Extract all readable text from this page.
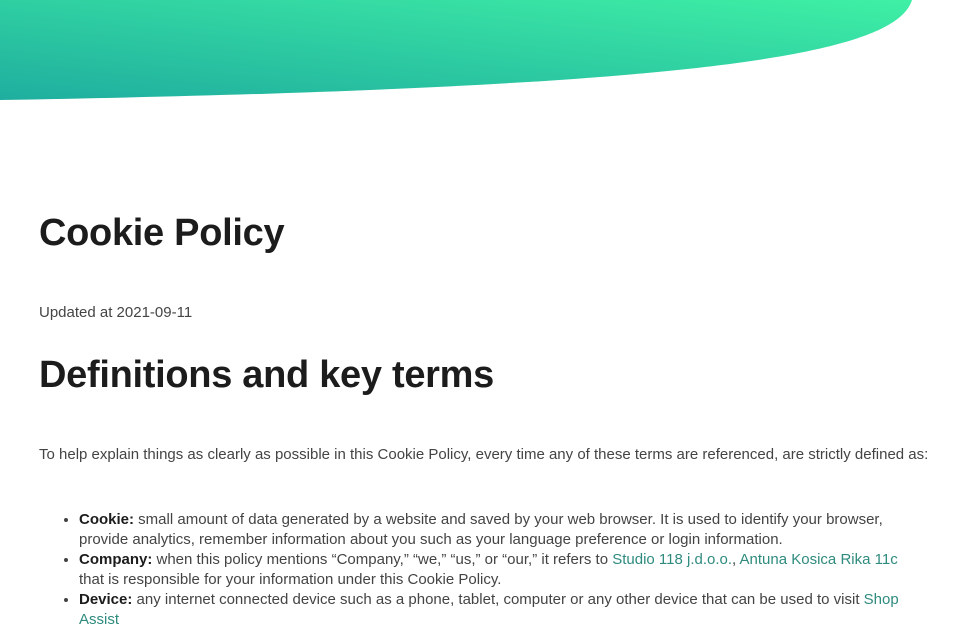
Cookie Policy

Updated at 2021-09-11

Definitions and key terms

To help explain things as clearly as possible in this Cookie Policy, every time any of these terms are referenced, are strictly defined as:

• Cookie: small amount of data generated by a website and saved by your web browser. It is used to identify your browser, provide analytics, remember information about you such as your language preference or login information.
• Company: when this policy mentions “Company,” “we,” “us,” or “our,” it refers to Studio 118 j.d.o.o., Antuna Kosica Rika 11c that is responsible for your information under this Cookie Policy.
• Device: any internet connected device such as a phone, tablet, computer or any other device that can be used to visit Shop Assist
